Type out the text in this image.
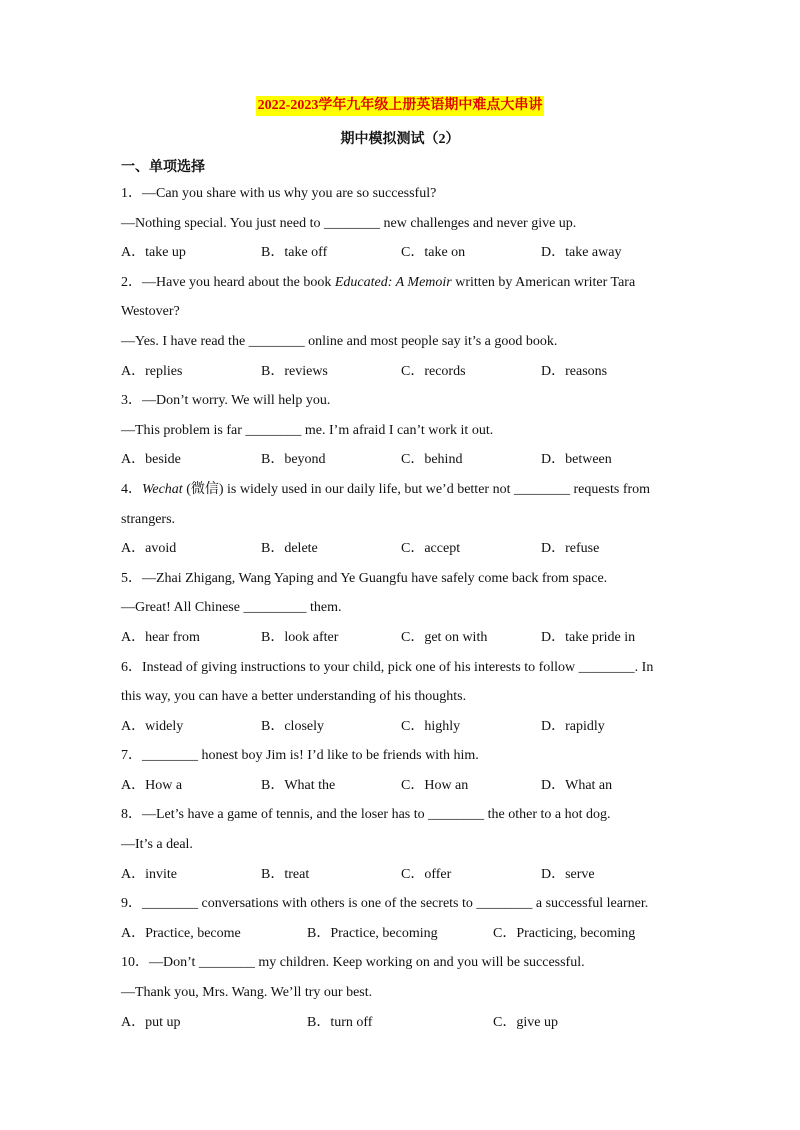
2022-2023学年九年级上册英语期中难点大串讲
期中模拟测试（2）
一、单项选择
1．—Can you share with us why you are so successful?
—Nothing special. You just need to ________ new challenges and never give up.
A．take up	B．take off	C．take on	D．take away
2．—Have you heard about the book Educated: A Memoir written by American writer Tara
Westover?
—Yes. I have read the ________ online and most people say it’s a good book.
A．replies	B．reviews	C．records	D．reasons
3．—Don’t worry. We will help you.
—This problem is far ________ me. I’m afraid I can’t work it out.
A．beside	B．beyond	C．behind	D．between
4．Wechat (微信) is widely used in our daily life, but we’d better not ________ requests from
strangers.
A．avoid	B．delete	C．accept	D．refuse
5．—Zhai Zhigang, Wang Yaping and Ye Guangfu have safely come back from space.
—Great! All Chinese _________ them.
A．hear from	B．look after	C．get on with	D．take pride in
6．Instead of giving instructions to your child, pick one of his interests to follow ________. In
this way, you can have a better understanding of his thoughts.
A．widely	B．closely	C．highly	D．rapidly
7．________ honest boy Jim is! I’d like to be friends with him.
A．How a	B．What the	C．How an	D．What an
8．—Let’s have a game of tennis, and the loser has to ________ the other to a hot dog.
—It’s a deal.
A．invite	B．treat	C．offer	D．serve
9．________ conversations with others is one of the secrets to ________ a successful learner.
A．Practice, become	B．Practice, becoming	C．Practicing, becoming
10．—Don’t ________ my children. Keep working on and you will be successful.
—Thank you, Mrs. Wang. We’ll try our best.
A．put up	B．turn off	C．give up
